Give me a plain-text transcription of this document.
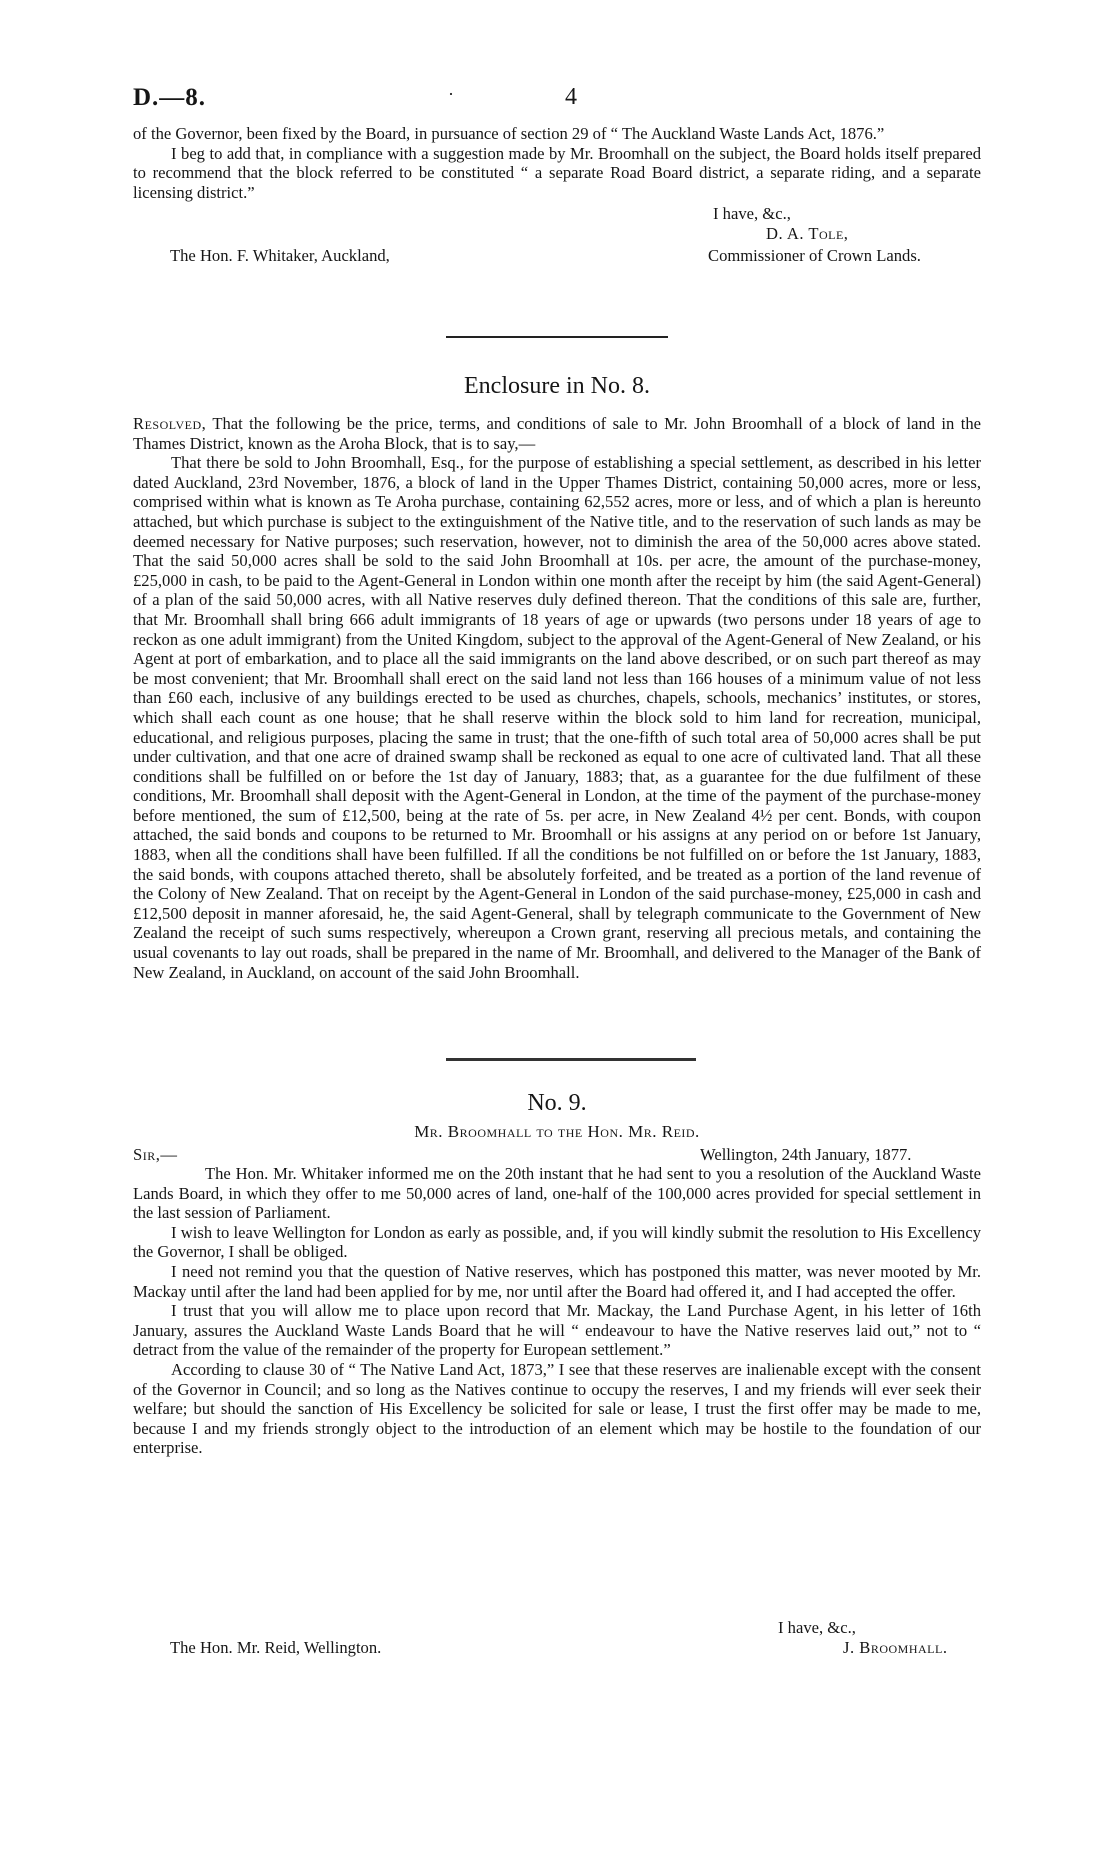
D.—8.	·	4

of the Governor, been fixed by the Board, in pursuance of section 29 of “ The Auckland Waste Lands Act, 1876.”

I beg to add that, in compliance with a suggestion made by Mr. Broomhall on the subject, the Board holds itself prepared to recommend that the block referred to be constituted “ a separate Road Board district, a separate riding, and a separate licensing district.”

I have, &c.,
D. A. Tole,
The Hon. F. Whitaker, Auckland,	Commissioner of Crown Lands.
Enclosure in No. 8.

Resolved, That the following be the price, terms, and conditions of sale to Mr. John Broomhall of a block of land in the Thames District, known as the Aroha Block, that is to say,—

That there be sold to John Broomhall, Esq., for the purpose of establishing a special settlement, as described in his letter dated Auckland, 23rd November, 1876, a block of land in the Upper Thames District, containing 50,000 acres, more or less, comprised within what is known as Te Aroha purchase, containing 62,552 acres, more or less, and of which a plan is hereunto attached, but which purchase is subject to the extinguishment of the Native title, and to the reservation of such lands as may be deemed necessary for Native purposes; such reservation, however, not to diminish the area of the 50,000 acres above stated. That the said 50,000 acres shall be sold to the said John Broomhall at 10s. per acre, the amount of the purchase-money, £25,000 in cash, to be paid to the Agent-General in London within one month after the receipt by him (the said Agent-General) of a plan of the said 50,000 acres, with all Native reserves duly defined thereon. That the conditions of this sale are, further, that Mr. Broomhall shall bring 666 adult immigrants of 18 years of age or upwards (two persons under 18 years of age to reckon as one adult immigrant) from the United Kingdom, subject to the approval of the Agent-General of New Zealand, or his Agent at port of embarkation, and to place all the said immigrants on the land above described, or on such part thereof as may be most convenient; that Mr. Broomhall shall erect on the said land not less than 166 houses of a minimum value of not less than £60 each, inclusive of any buildings erected to be used as churches, chapels, schools, mechanics’ institutes, or stores, which shall each count as one house; that he shall reserve within the block sold to him land for recreation, municipal, educational, and religious purposes, placing the same in trust; that the one-fifth of such total area of 50,000 acres shall be put under cultivation, and that one acre of drained swamp shall be reckoned as equal to one acre of cultivated land. That all these conditions shall be fulfilled on or before the 1st day of January, 1883; that, as a guarantee for the due fulfilment of these conditions, Mr. Broomhall shall deposit with the Agent-General in London, at the time of the payment of the purchase-money before mentioned, the sum of £12,500, being at the rate of 5s. per acre, in New Zealand 4½ per cent. Bonds, with coupon attached, the said bonds and coupons to be returned to Mr. Broomhall or his assigns at any period on or before 1st January, 1883, when all the conditions shall have been fulfilled. If all the conditions be not fulfilled on or before the 1st January, 1883, the said bonds, with coupons attached thereto, shall be absolutely forfeited, and be treated as a portion of the land revenue of the Colony of New Zealand. That on receipt by the Agent-General in London of the said purchase-money, £25,000 in cash and £12,500 deposit in manner aforesaid, he, the said Agent-General, shall by telegraph communicate to the Government of New Zealand the receipt of such sums respectively, whereupon a Crown grant, reserving all precious metals, and containing the usual covenants to lay out roads, shall be prepared in the name of Mr. Broomhall, and delivered to the Manager of the Bank of New Zealand, in Auckland, on account of the said John Broomhall.

No. 9.
Mr. Broomhall to the Hon. Mr. Reid.
Sir,—	Wellington, 24th January, 1877.

The Hon. Mr. Whitaker informed me on the 20th instant that he had sent to you a resolution of the Auckland Waste Lands Board, in which they offer to me 50,000 acres of land, one-half of the 100,000 acres provided for special settlement in the last session of Parliament.

I wish to leave Wellington for London as early as possible, and, if you will kindly submit the resolution to His Excellency the Governor, I shall be obliged.

I need not remind you that the question of Native reserves, which has postponed this matter, was never mooted by Mr. Mackay until after the land had been applied for by me, nor until after the Board had offered it, and I had accepted the offer.

I trust that you will allow me to place upon record that Mr. Mackay, the Land Purchase Agent, in his letter of 16th January, assures the Auckland Waste Lands Board that he will “ endeavour to have the Native reserves laid out,” not to “ detract from the value of the remainder of the property for European settlement.”

According to clause 30 of “ The Native Land Act, 1873,” I see that these reserves are inalienable except with the consent of the Governor in Council; and so long as the Natives continue to occupy the reserves, I and my friends will ever seek their welfare; but should the sanction of His Excellency be solicited for sale or lease, I trust the first offer may be made to me, because I and my friends strongly object to the introduction of an element which may be hostile to the foundation of our enterprise.

I have, &c.,
The Hon. Mr. Reid, Wellington.	J. Broomhall.
